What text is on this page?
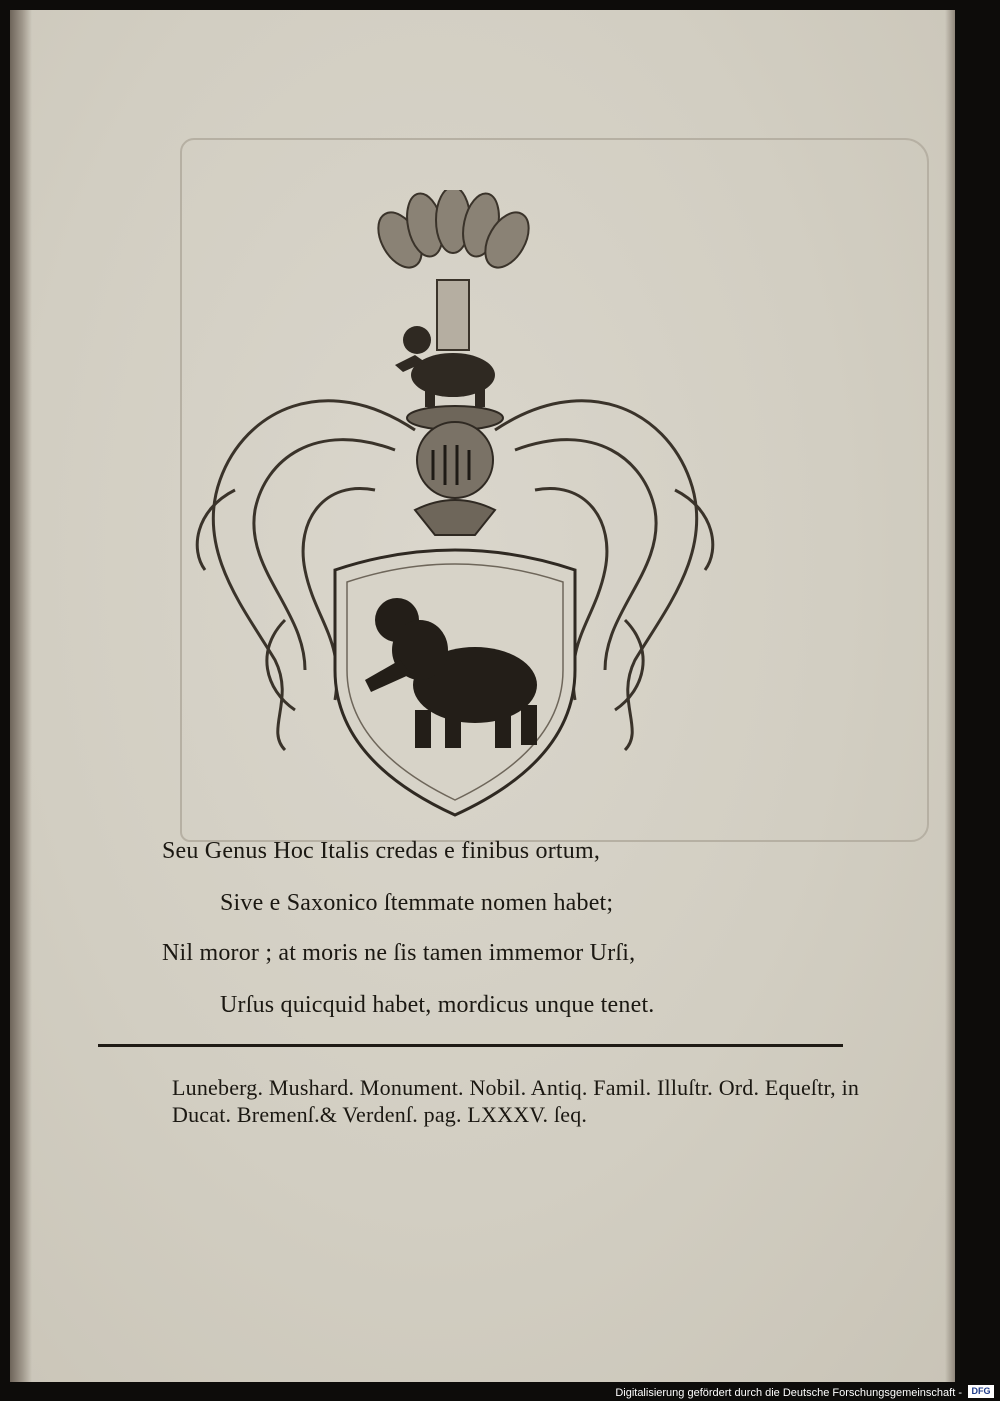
Seu Genus Hoc Italis credas e finibus ortum,
Sive e Saxonico ſtemmate nomen habet;
Nil moror ; at moris ne ſis tamen immemor Urſi,
Urſus quicquid habet, mordicus unque tenet.
Luneberg. Mushard. Monument. Nobil. Antiq. Famil. Illuſtr. Ord. Equeſtr, in Ducat. Bremenſ.& Verdenſ. pag. LXXXV. ſeq.
Digitalisierung gefördert durch die Deutsche Forschungsgemeinschaft -	DFG
